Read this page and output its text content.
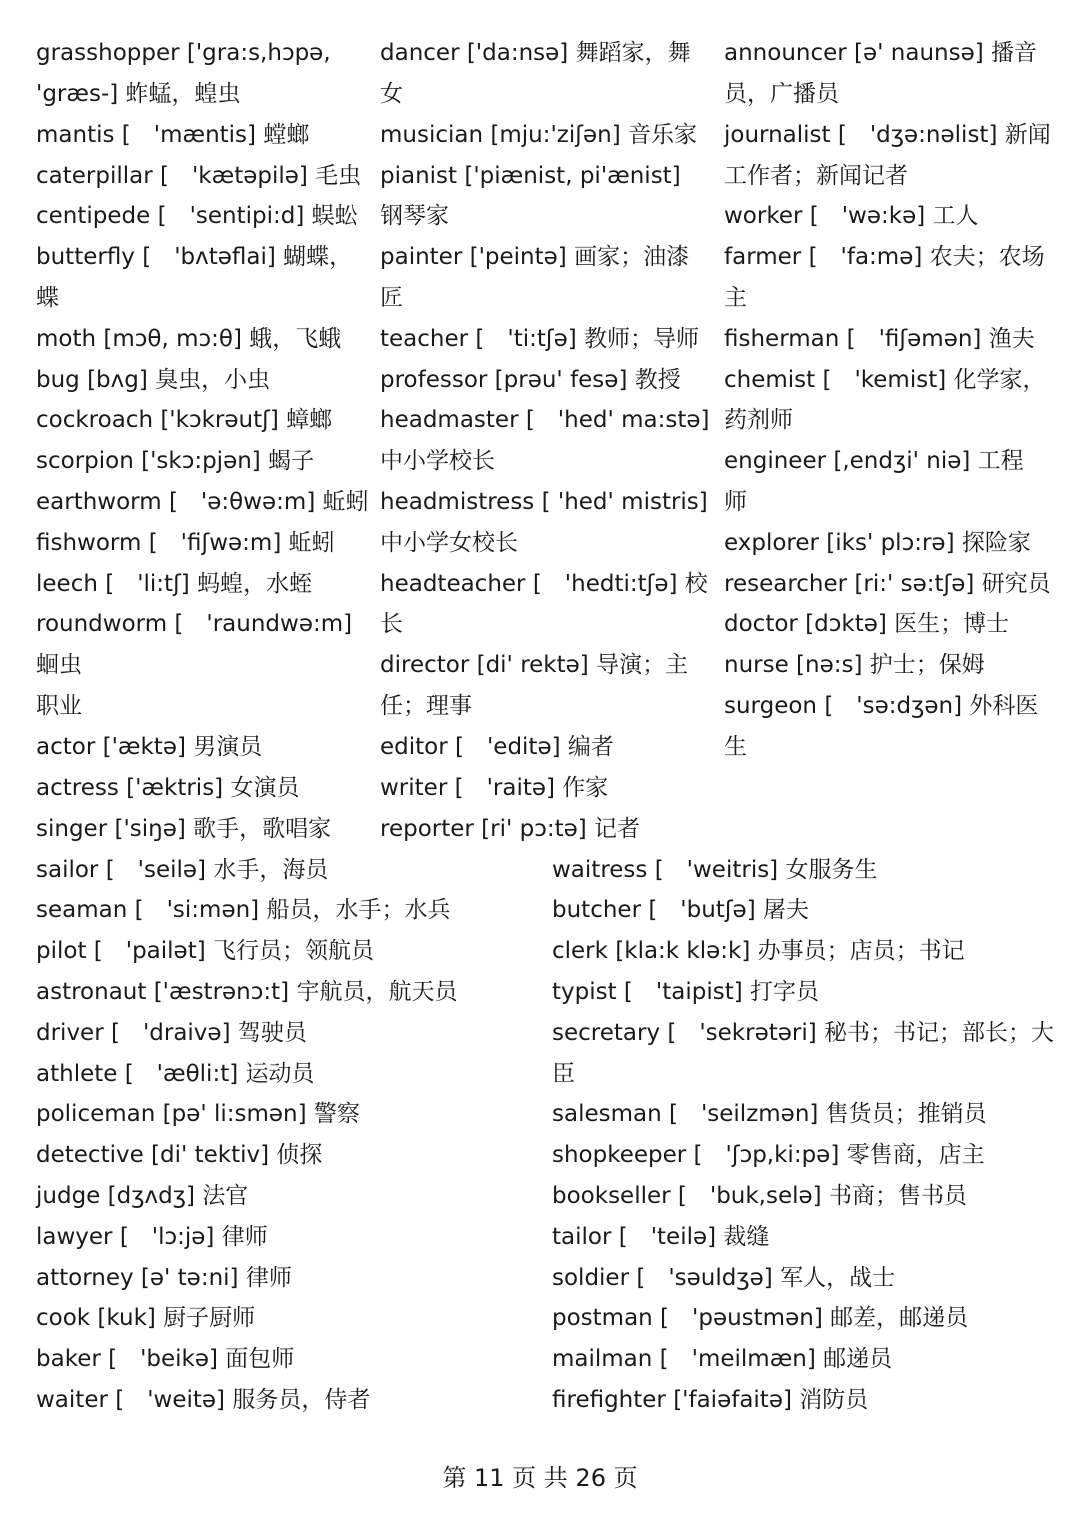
grasshopper ['gra:s,hɔpə,
'græs-] 蚱蜢，蝗虫
mantis [　'mæntis] 螳螂
caterpillar [　'kætəpilə] 毛虫
centipede [　'sentipi:d] 蜈蚣
butterfly [　'bʌtəflai] 蝴蝶，
蝶
moth [mɔθ, mɔ:θ] 蛾，飞蛾
bug [bʌg] 臭虫，小虫
cockroach ['kɔkrəutʃ] 蟑螂
scorpion ['skɔ:pjən] 蝎子
earthworm [　'ə:θwə:m] 蚯蚓
fishworm [　'fiʃwə:m] 蚯蚓
leech [　'li:tʃ] 蚂蝗，水蛭
roundworm [　'raundwə:m]
蛔虫
职业
actor ['æktə] 男演员
actress ['æktris] 女演员
singer ['siŋə] 歌手，歌唱家
dancer ['da:nsə] 舞蹈家，舞
女
musician [mju:'ziʃən] 音乐家
pianist ['piænist, pi'ænist]
钢琴家
painter ['peintə] 画家；油漆
匠
teacher [　'ti:tʃə] 教师；导师
professor [prəu' fesə] 教授
headmaster [　'hed' ma:stə]
中小学校长
headmistress [ 'hed' mistris]
中小学女校长
headteacher [　'hedti:tʃə] 校
长
director [di' rektə] 导演；主
任；理事
editor [　'editə] 编者
writer [　'raitə] 作家
reporter [ri' pɔ:tə] 记者
announcer [ə' naunsə] 播音
员，广播员
journalist [　'dʒə:nəlist] 新闻
工作者；新闻记者
worker [　'wə:kə] 工人
farmer [　'fa:mə] 农夫；农场
主
fisherman [　'fiʃəmən] 渔夫
chemist [　'kemist] 化学家，
药剂师
engineer [,endʒi' niə] 工程
师
explorer [iks' plɔ:rə] 探险家
researcher [ri:' sə:tʃə] 研究员
doctor [dɔktə] 医生；博士
nurse [nə:s] 护士；保姆
surgeon [　'sə:dʒən] 外科医
生
sailor [　'seilə] 水手，海员
seaman [　'si:mən] 船员，水手；水兵
pilot [　'pailət] 飞行员；领航员
astronaut ['æstrənɔ:t] 宇航员，航天员
driver [　'draivə] 驾驶员
athlete [　'æθli:t] 运动员
policeman [pə' li:smən] 警察
detective [di' tektiv] 侦探
judge [dʒʌdʒ] 法官
lawyer [　'lɔ:jə] 律师
attorney [ə' tə:ni] 律师
cook [kuk] 厨子厨师
baker [　'beikə] 面包师
waiter [　'weitə] 服务员，侍者
waitress [　'weitris] 女服务生
butcher [　'butʃə] 屠夫
clerk [kla:k klə:k] 办事员；店员；书记
typist [　'taipist] 打字员
secretary [　'sekrətəri] 秘书；书记；部长；大
臣
salesman [　'seilzmən] 售货员；推销员
shopkeeper [　'ʃɔp,ki:pə] 零售商，店主
bookseller [　'buk,selə] 书商；售书员
tailor [　'teilə] 裁缝
soldier [　'səuldʒə] 军人，战士
postman [　'pəustmən] 邮差，邮递员
mailman [　'meilmæn] 邮递员
firefighter ['faiəfaitə] 消防员
第 11 页 共 26 页
